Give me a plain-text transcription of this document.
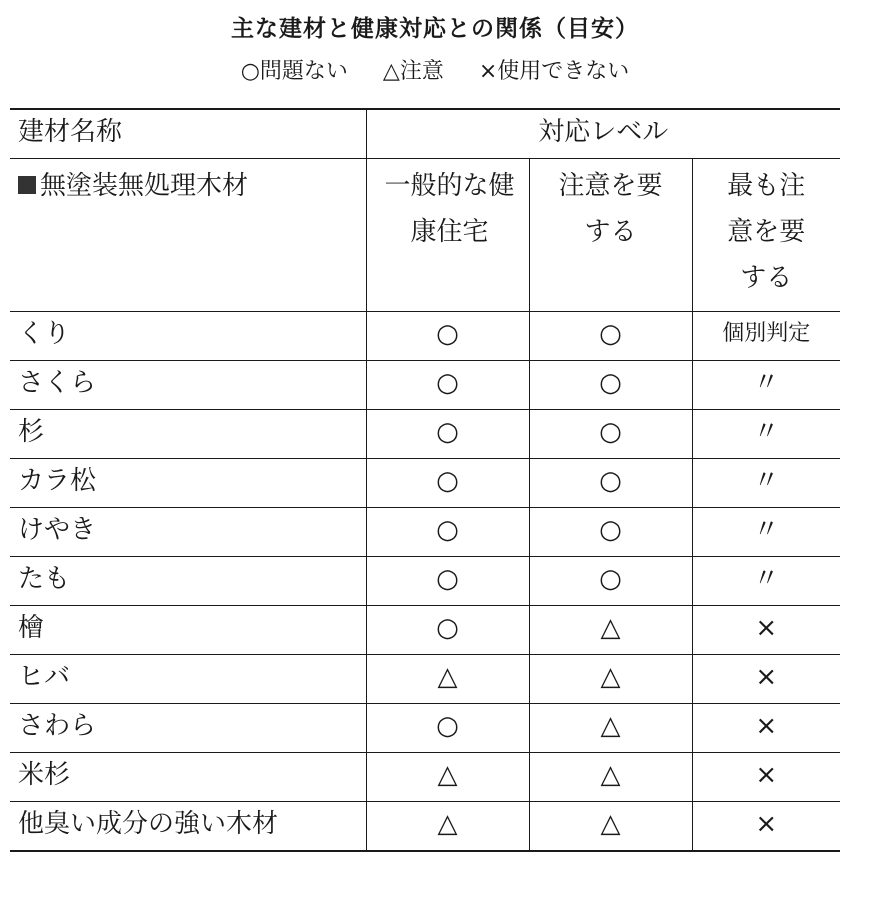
主な建材と健康対応との関係（目安）
○問題ない △注意 ×使用できない
建材名称	対応レベル		
無塗装無処理木材	一般的な健康住宅	注意を要する	最も注意を要する

くり	○	○	個別判定
さくら	○	○	〃
杉	○	○	〃
カラ松	○	○	〃
けやき	○	○	〃
たも	○	○	〃
檜	○	△	×
ヒバ	△	△	×
さわら	○	△	×
米杉	△	△	×
他臭い成分の強い木材	△	△	×
